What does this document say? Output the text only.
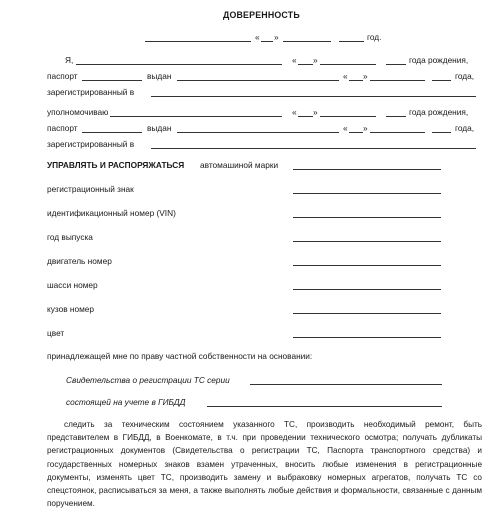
ДОВЕРЕННОСТЬ
« »	год.
Я,	« »	года рождения,
паспорт	выдан	« »	года,
зарегистрированный в
уполномочиваю	« »	года рождения,
паспорт	выдан	« »	года,
зарегистрированный в
УПРАВЛЯТЬ И РАСПОРЯЖАТЬСЯ автомашиной марки
регистрационный знак
идентификационный номер (VIN)
год выпуска
двигатель номер
шасси номер
кузов номер
цвет
принадлежащей мне по праву частной собственности на основании:
Свидетельства о регистрации ТС серии
состоящей на учете в ГИБДД
следить за техническим состоянием указанного ТС, производить необходимый ремонт, быть представителем в ГИБДД, в Военкомате, в т.ч. при проведении технического осмотра; получать дубликаты регистрационных документов (Свидетельства о регистрации ТС, Паспорта транспортного средства) и государственных номерных знаков взамен утраченных, вносить любые изменения в регистрационные документы, изменять цвет ТС, производить замену и выбраковку номерных агрегатов, получать ТС со спецстоянок, расписываться за меня, а также выполнять любые действия и формальности, связанные с данным поручением.
